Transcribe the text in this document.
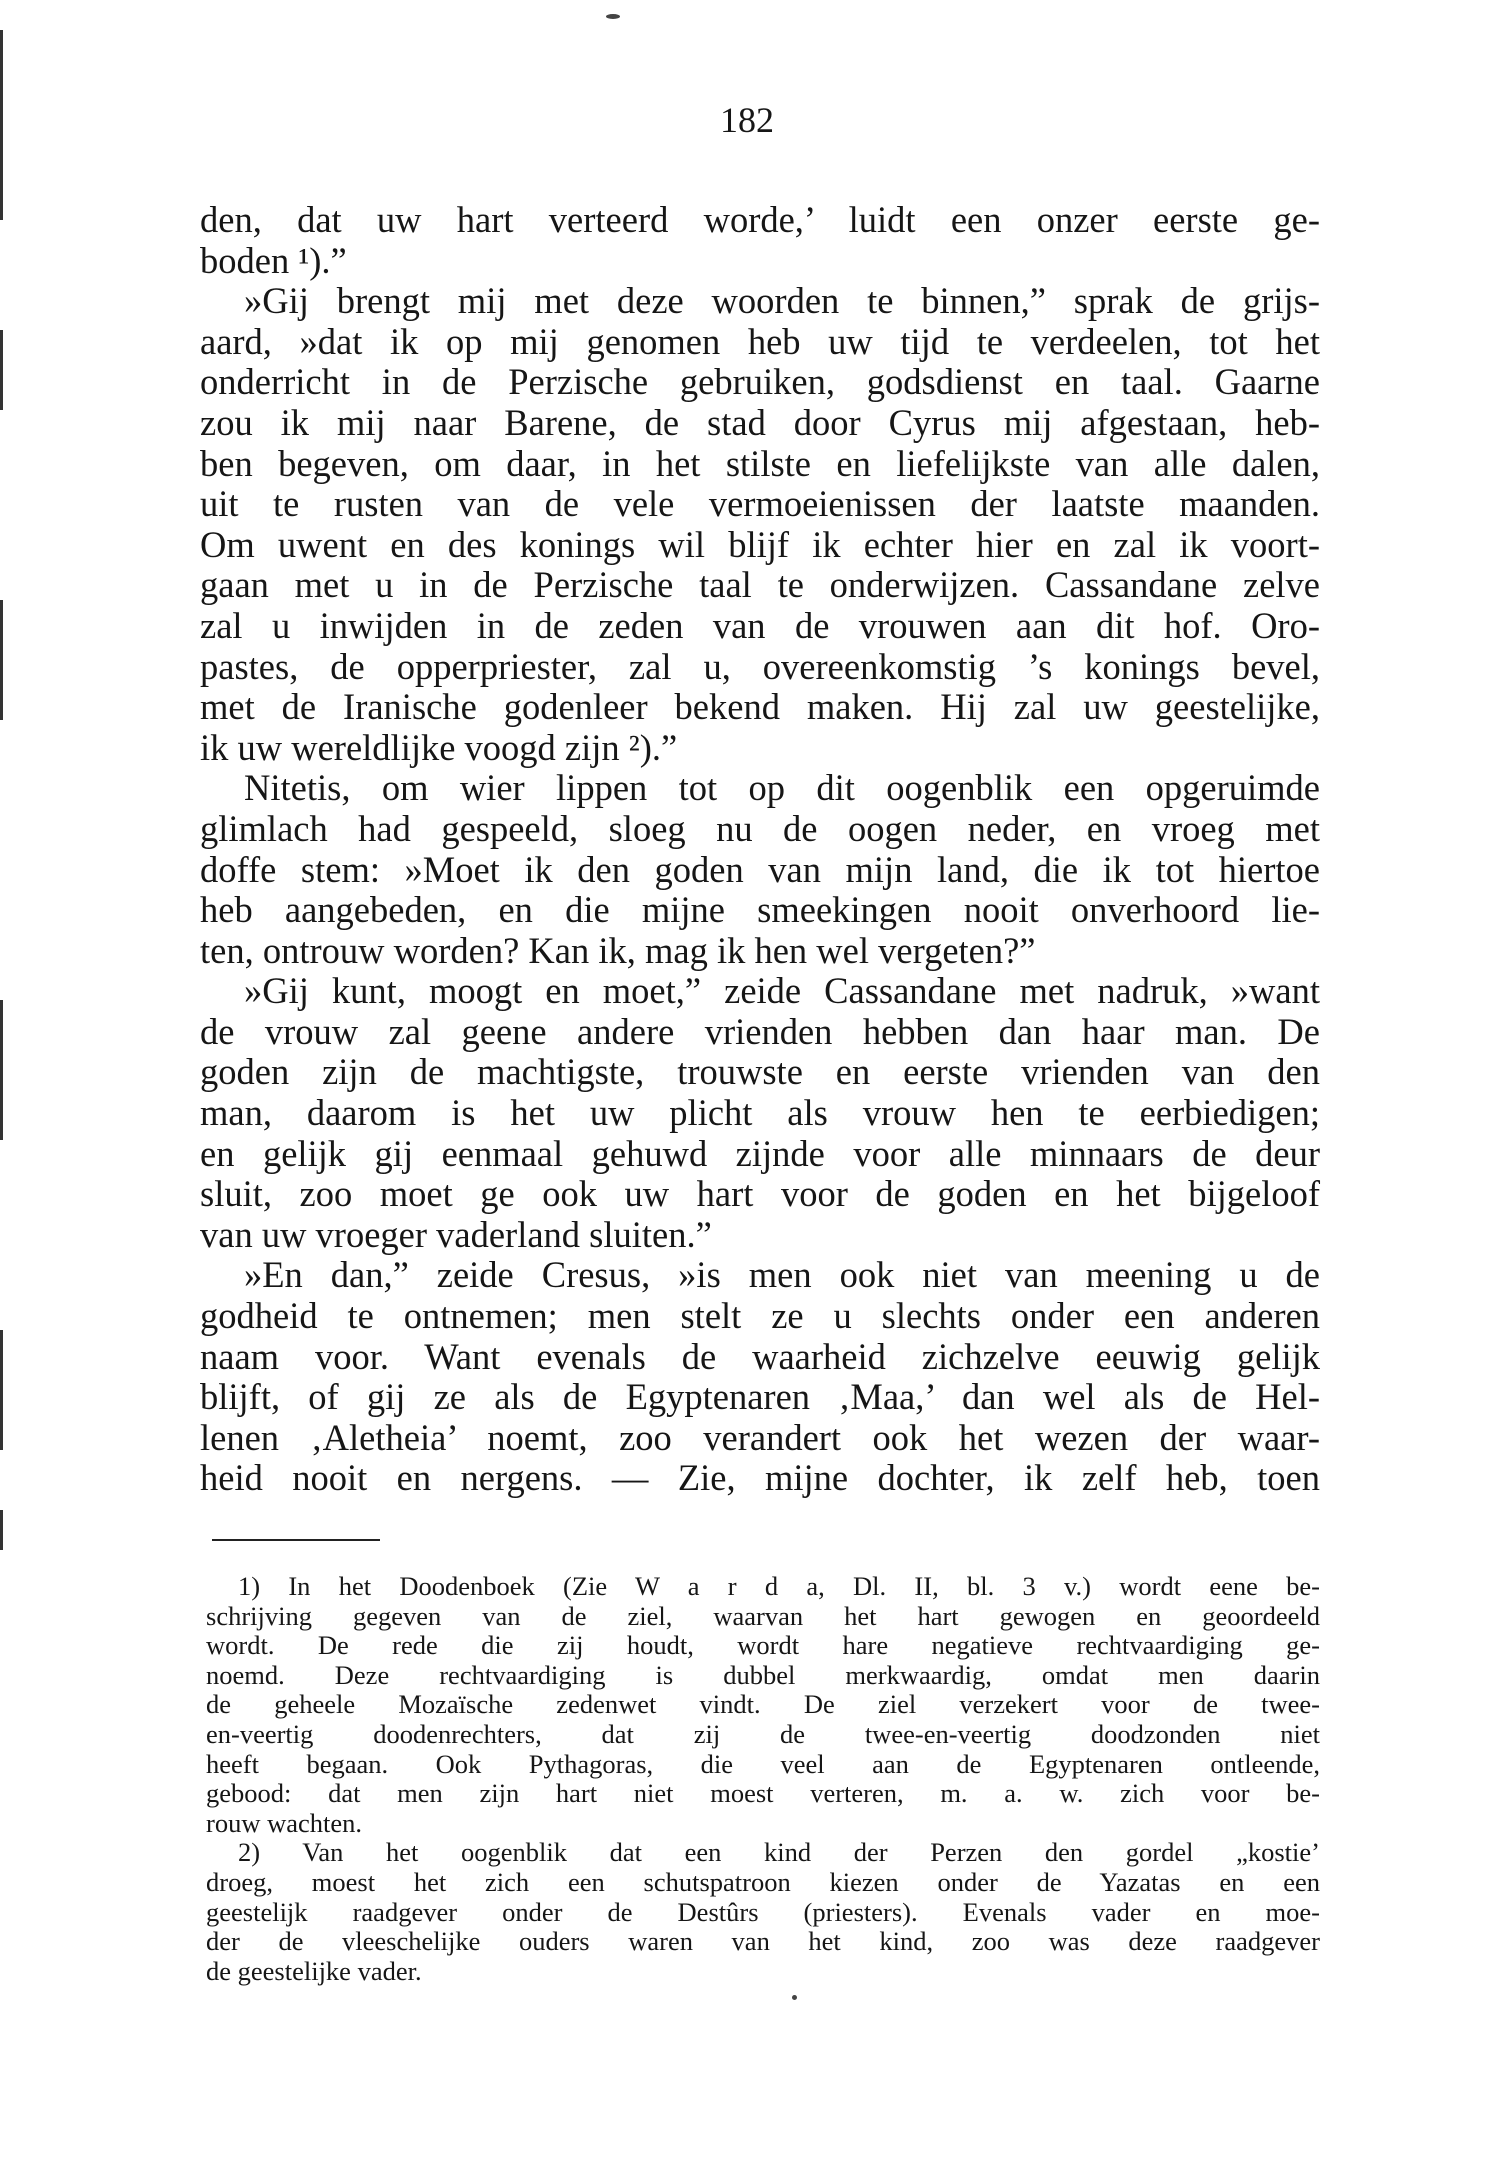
182
den, dat uw hart verteerd worde,’ luidt een onzer eerste ge-
boden ¹).”
»Gij brengt mij met deze woorden te binnen,” sprak de grijs-
aard, »dat ik op mij genomen heb uw tijd te verdeelen, tot het
onderricht in de Perzische gebruiken, godsdienst en taal. Gaarne
zou ik mij naar Barene, de stad door Cyrus mij afgestaan, heb-
ben begeven, om daar, in het stilste en liefelijkste van alle dalen,
uit te rusten van de vele vermoeienissen der laatste maanden.
Om uwent en des konings wil blijf ik echter hier en zal ik voort-
gaan met u in de Perzische taal te onderwijzen. Cassandane zelve
zal u inwijden in de zeden van de vrouwen aan dit hof. Oro-
pastes, de opperpriester, zal u, overeenkomstig ’s konings bevel,
met de Iranische godenleer bekend maken. Hij zal uw geestelijke,
ik uw wereldlijke voogd zijn ²).”
Nitetis, om wier lippen tot op dit oogenblik een opgeruimde
glimlach had gespeeld, sloeg nu de oogen neder, en vroeg met
doffe stem: »Moet ik den goden van mijn land, die ik tot hiertoe
heb aangebeden, en die mijne smeekingen nooit onverhoord lie-
ten, ontrouw worden? Kan ik, mag ik hen wel vergeten?”
»Gij kunt, moogt en moet,” zeide Cassandane met nadruk, »want
de vrouw zal geene andere vrienden hebben dan haar man. De
goden zijn de machtigste, trouwste en eerste vrienden van den
man, daarom is het uw plicht als vrouw hen te eerbiedigen;
en gelijk gij eenmaal gehuwd zijnde voor alle minnaars de deur
sluit, zoo moet ge ook uw hart voor de goden en het bijgeloof
van uw vroeger vaderland sluiten.”
»En dan,” zeide Cresus, »is men ook niet van meening u de
godheid te ontnemen; men stelt ze u slechts onder een anderen
naam voor. Want evenals de waarheid zichzelve eeuwig gelijk
blijft, of gij ze als de Egyptenaren ‚Maa,’ dan wel als de Hel-
lenen ‚Aletheia’ noemt, zoo verandert ook het wezen der waar-
heid nooit en nergens. — Zie, mijne dochter, ik zelf heb, toen
1) In het Doodenboek (Zie W a r d a, Dl. II, bl. 3 v.) wordt eene be-
schrijving gegeven van de ziel, waarvan het hart gewogen en geoordeeld
wordt. De rede die zij houdt, wordt hare negatieve rechtvaardiging ge-
noemd. Deze rechtvaardiging is dubbel merkwaardig, omdat men daarin
de geheele Mozaïsche zedenwet vindt. De ziel verzekert voor de twee-
en-veertig doodenrechters, dat zij de twee-en-veertig doodzonden niet
heeft begaan. Ook Pythagoras, die veel aan de Egyptenaren ontleende,
gebood: dat men zijn hart niet moest verteren, m. a. w. zich voor be-
rouw wachten.
2) Van het oogenblik dat een kind der Perzen den gordel „kostie’
droeg, moest het zich een schutspatroon kiezen onder de Yazatas en een
geestelijk raadgever onder de Destûrs (priesters). Evenals vader en moe-
der de vleeschelijke ouders waren van het kind, zoo was deze raadgever
de geestelijke vader.
